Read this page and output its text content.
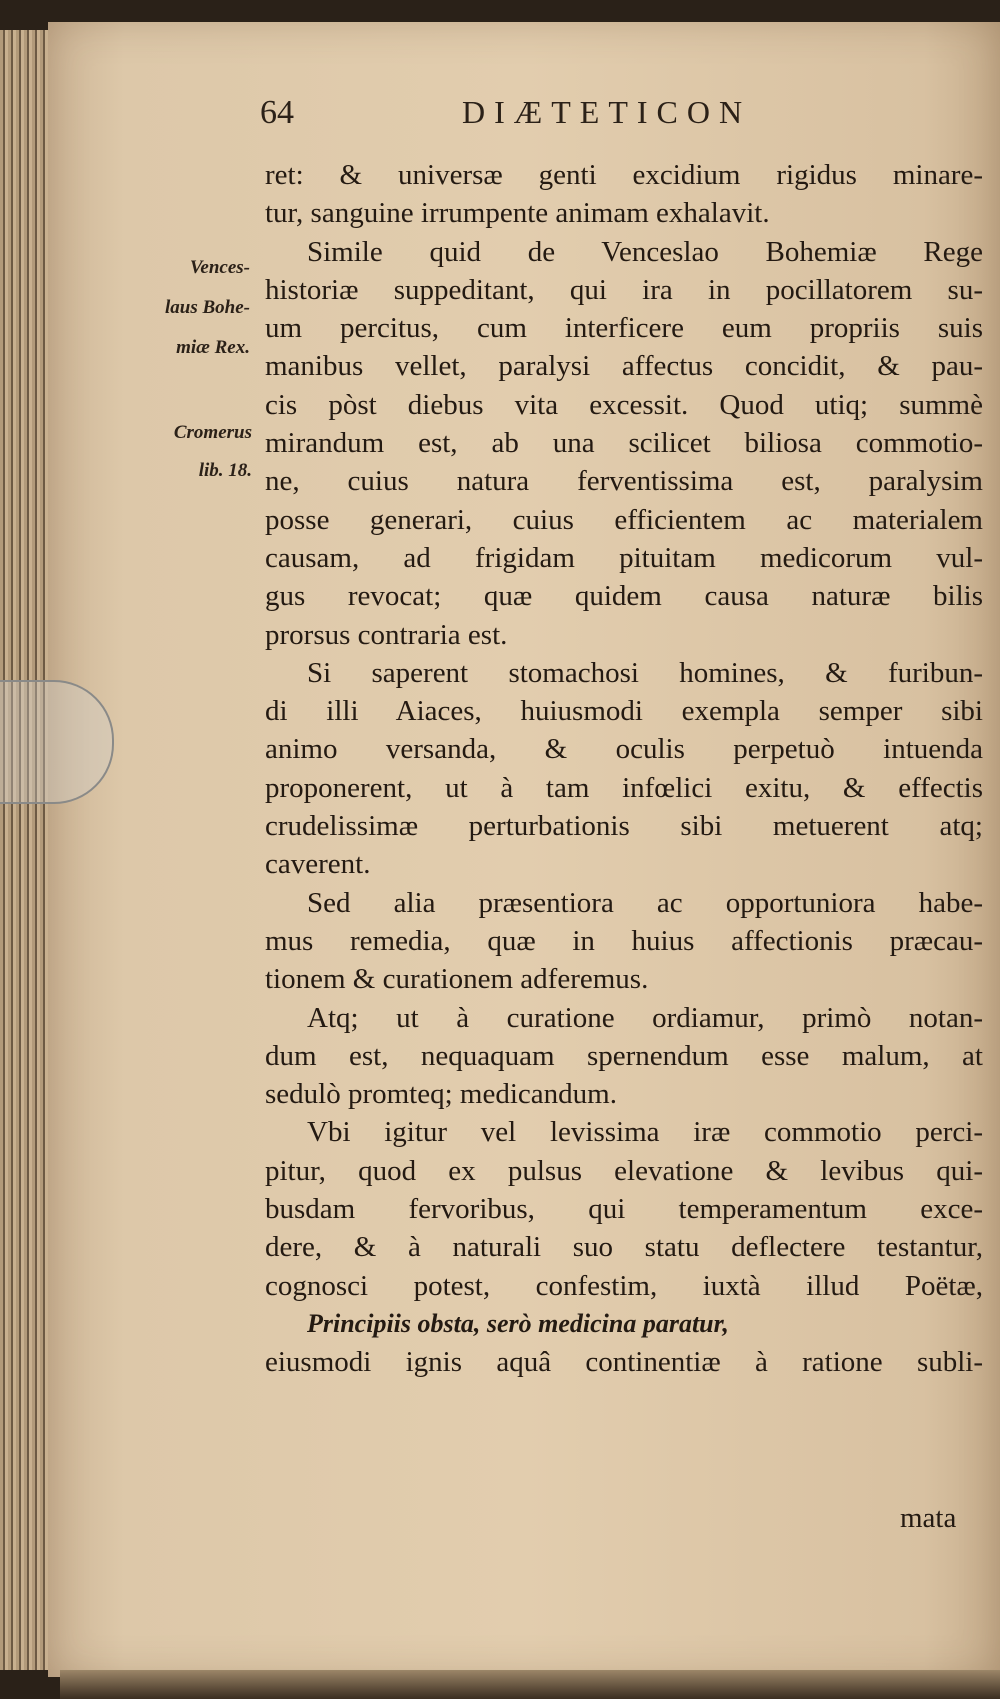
64	DIÆTETICON
Vences-
laus Bohe-
miæ Rex.
Cromerus
lib. 18.
ret: & universæ genti excidium rigidus minare-
tur, sanguine irrumpente animam exhalavit.
Simile quid de Venceslao Bohemiæ Rege
historiæ suppeditant, qui ira in pocillatorem su-
um percitus, cum interficere eum propriis suis
manibus vellet, paralysi affectus concidit, & pau-
cis pòst diebus vita excessit. Quod utiq; summè
mirandum est, ab una scilicet biliosa commotio-
ne, cuius natura ferventissima est, paralysim
posse generari, cuius efficientem ac materialem
causam, ad frigidam pituitam medicorum vul-
gus revocat; quæ quidem causa naturæ bilis
prorsus contraria est.
Si saperent stomachosi homines, & furibun-
di illi Aiaces, huiusmodi exempla semper sibi
animo versanda, & oculis perpetuò intuenda
proponerent, ut à tam infœlici exitu, & effectis
crudelissimæ perturbationis sibi metuerent atq;
caverent.
Sed alia præsentiora ac opportuniora habe-
mus remedia, quæ in huius affectionis præcau-
tionem & curationem adferemus.
Atq; ut à curatione ordiamur, primò notan-
dum est, nequaquam spernendum esse malum, at
sedulò promteq; medicandum.
Vbi igitur vel levissima iræ commotio perci-
pitur, quod ex pulsus elevatione & levibus qui-
busdam fervoribus, qui temperamentum exce-
dere, & à naturali suo statu deflectere testantur,
cognosci potest, confestim, iuxtà illud Poëtæ,
Principiis obsta, serò medicina paratur,
eiusmodi ignis aquâ continentiæ à ratione subli-
mata
